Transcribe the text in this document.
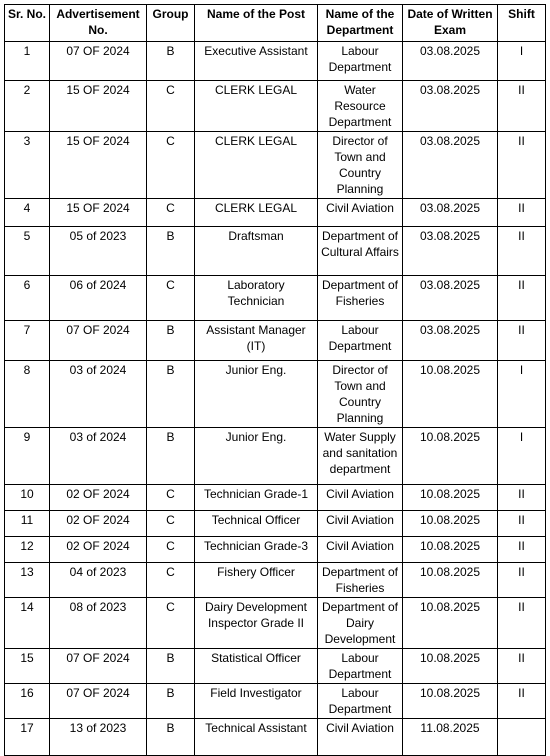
Sr. No.	Advertisement No.	Group	Name of the Post	Name of the Department	Date of Written Exam	Shift
1	07 OF 2024	B	Executive Assistant	Labour Department	03.08.2025	I
2	15 OF 2024	C	CLERK LEGAL	Water Resource Department	03.08.2025	II
3	15 OF 2024	C	CLERK LEGAL	Director of Town and Country Planning	03.08.2025	II
4	15 OF 2024	C	CLERK LEGAL	Civil Aviation	03.08.2025	II
5	05 of 2023	B	Draftsman	Department of Cultural Affairs	03.08.2025	II
6	06 of 2024	C	Laboratory Technician	Department of Fisheries	03.08.2025	II
7	07 OF 2024	B	Assistant Manager (IT)	Labour Department	03.08.2025	II
8	03 of 2024	B	Junior Eng.	Director of Town and Country Planning	10.08.2025	I
9	03 of 2024	B	Junior Eng.	Water Supply and sanitation department	10.08.2025	I
10	02 OF 2024	C	Technician Grade-1	Civil Aviation	10.08.2025	II
11	02 OF 2024	C	Technical Officer	Civil Aviation	10.08.2025	II
12	02 OF 2024	C	Technician Grade-3	Civil Aviation	10.08.2025	II
13	04 of 2023	C	Fishery Officer	Department of Fisheries	10.08.2025	II
14	08 of 2023	C	Dairy Development Inspector Grade II	Department of Dairy Development	10.08.2025	II
15	07 OF 2024	B	Statistical Officer	Labour Department	10.08.2025	II
16	07 OF 2024	B	Field Investigator	Labour Department	10.08.2025	II
17	13 of 2023	B	Technical Assistant	Civil Aviation	11.08.2025	
